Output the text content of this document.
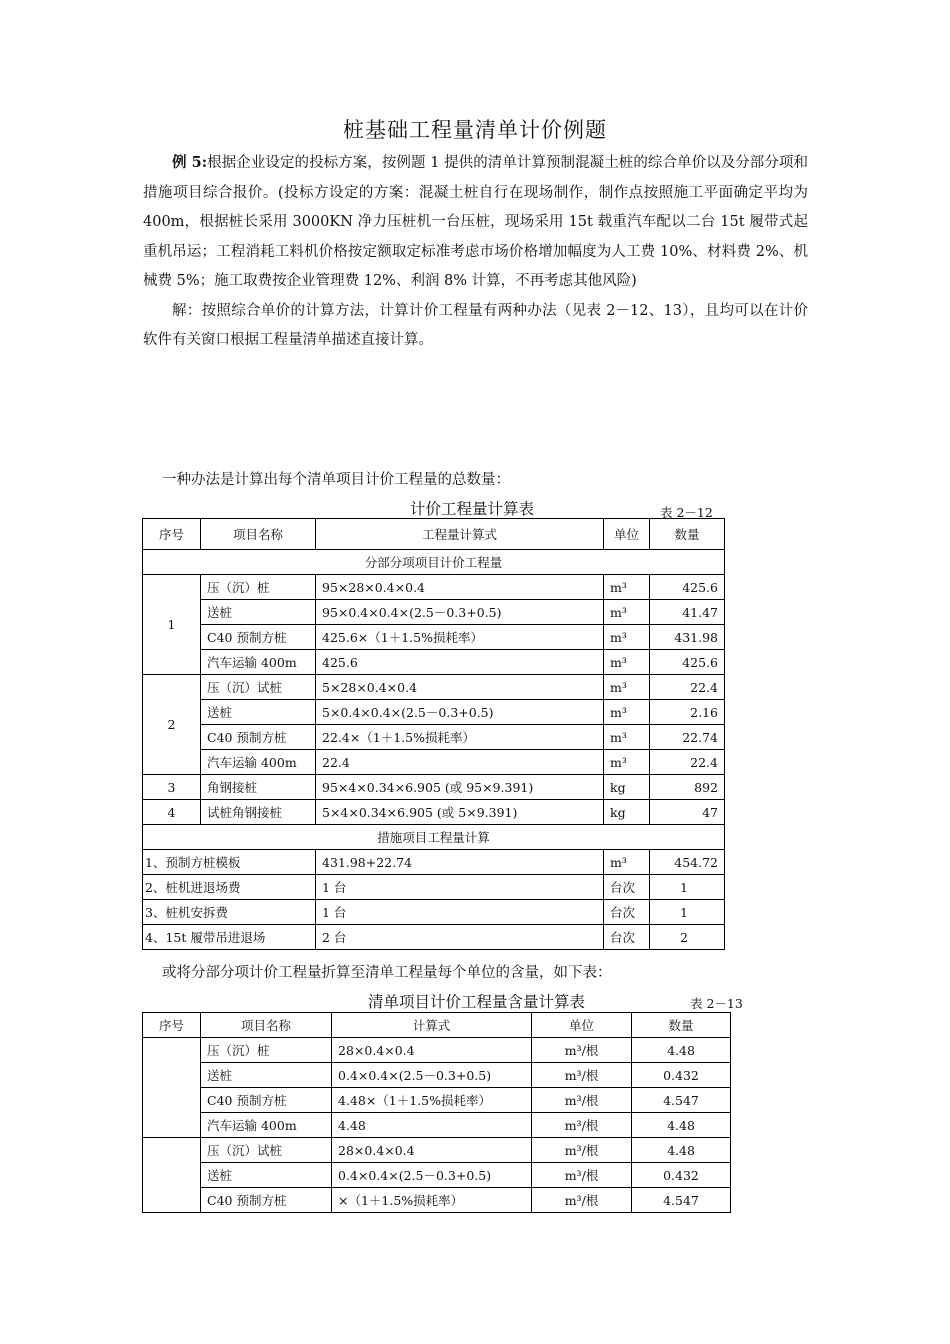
桩基础工程量清单计价例题

例 5:根据企业设定的投标方案，按例题 1 提供的清单计算预制混凝土桩的综合单价以及分部分项和措施项目综合报价。(投标方设定的方案：混凝土桩自行在现场制作，制作点按照施工平面确定平均为 400m，根据桩长采用 3000KN 净力压桩机一台压桩，现场采用 15t 载重汽车配以二台 15t 履带式起重机吊运；工程消耗工料机价格按定额取定标准考虑市场价格增加幅度为人工费 10%、材料费 2%、机械费 5%；施工取费按企业管理费 12%、利润 8% 计算，不再考虑其他风险)

解：按照综合单价的计算方法，计算计价工程量有两种办法（见表 2－12、13），且均可以在计价软件有关窗口根据工程量清单描述直接计算。

一种办法是计算出每个清单项目计价工程量的总数量：
计价工程量计算表	表 2－12
序号	项目名称	工程量计算式	单位	数量
分部分项项目计价工程量				
1	压（沉）桩	95×28×0.4×0.4	m³	425.6
	送桩	95×0.4×0.4×(2.5－0.3+0.5)	m³	41.47
	C40 预制方桩	425.6×（1＋1.5%损耗率）	m³	431.98
	汽车运输 400m	425.6	m³	425.6
2	压（沉）试桩	5×28×0.4×0.4	m³	22.4
	送桩	5×0.4×0.4×(2.5－0.3+0.5)	m³	2.16
	C40 预制方桩	22.4×（1＋1.5%损耗率）	m³	22.74
	汽车运输 400m	22.4	m³	22.4
3	角钢接桩	95×4×0.34×6.905 (或 95×9.391)	kg	892
4	试桩角钢接桩	5×4×0.34×6.905 (或 5×9.391)	kg	47
措施项目工程量计算				
1、预制方桩模板		431.98+22.74	m³	454.72
2、桩机进退场费		1 台	台次	1
3、桩机安拆费		1 台	台次	1
4、15t 履带吊进退场		2 台	台次	2
或将分部分项计价工程量折算至清单工程量每个单位的含量，如下表：
清单项目计价工程量含量计算表	表 2－13
序号	项目名称	计算式	单位	数量
	压（沉）桩	28×0.4×0.4	m³/根	4.48
	送桩	0.4×0.4×(2.5－0.3+0.5)	m³/根	0.432
	C40 预制方桩	4.48×（1＋1.5%损耗率）	m³/根	4.547
	汽车运输 400m	4.48	m³/根	4.48
	压（沉）试桩	28×0.4×0.4	m³/根	4.48
	送桩	0.4×0.4×(2.5－0.3+0.5)	m³/根	0.432
	C40 预制方桩	×（1＋1.5%损耗率）	m³/根	4.547
